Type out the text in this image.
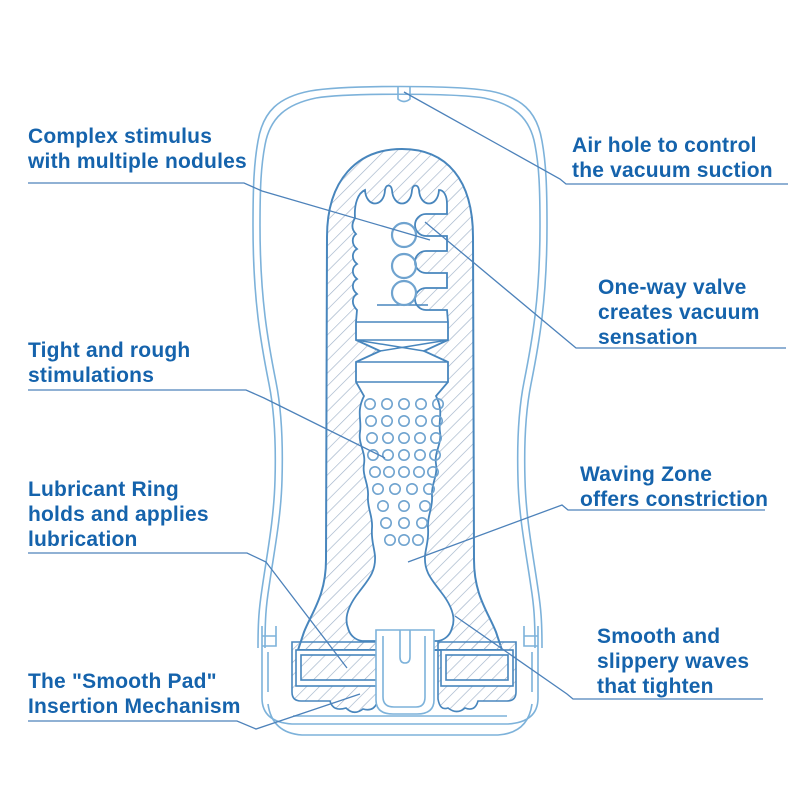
Complex stimulus
with multiple nodules
Air hole to control
the vacuum suction
One-way valve
creates vacuum
sensation
Tight and rough
stimulations
Lubricant Ring
holds and applies
lubrication
Waving Zone
offers constriction
The "Smooth Pad"
Insertion Mechanism
Smooth and
slippery waves
that tighten
